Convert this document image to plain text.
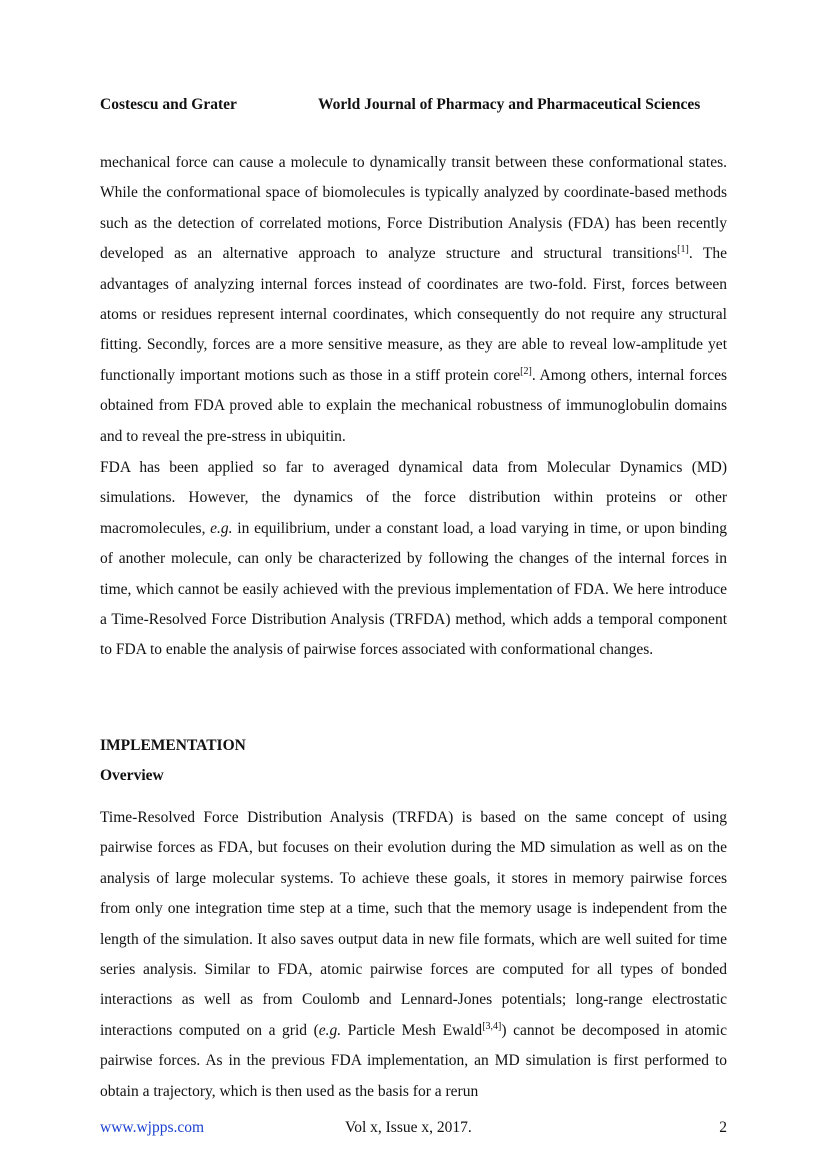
Costescu and Grater	World Journal of Pharmacy and Pharmaceutical Sciences

mechanical force can cause a molecule to dynamically transit between these conformational states. While the conformational space of biomolecules is typically analyzed by coordinate-based methods such as the detection of correlated motions, Force Distribution Analysis (FDA) has been recently developed as an alternative approach to analyze structure and structural transitions[1]. The advantages of analyzing internal forces instead of coordinates are two-fold. First, forces between atoms or residues represent internal coordinates, which consequently do not require any structural fitting. Secondly, forces are a more sensitive measure, as they are able to reveal low-amplitude yet functionally important motions such as those in a stiff protein core[2]. Among others, internal forces obtained from FDA proved able to explain the mechanical robustness of immunoglobulin domains and to reveal the pre-stress in ubiquitin.

FDA has been applied so far to averaged dynamical data from Molecular Dynamics (MD) simulations. However, the dynamics of the force distribution within proteins or other macromolecules, e.g. in equilibrium, under a constant load, a load varying in time, or upon binding of another molecule, can only be characterized by following the changes of the internal forces in time, which cannot be easily achieved with the previous implementation of FDA. We here introduce a Time-Resolved Force Distribution Analysis (TRFDA) method, which adds a temporal component to FDA to enable the analysis of pairwise forces associated with conformational changes.

IMPLEMENTATION
Overview

Time-Resolved Force Distribution Analysis (TRFDA) is based on the same concept of using pairwise forces as FDA, but focuses on their evolution during the MD simulation as well as on the analysis of large molecular systems. To achieve these goals, it stores in memory pairwise forces from only one integration time step at a time, such that the memory usage is independent from the length of the simulation. It also saves output data in new file formats, which are well suited for time series analysis. Similar to FDA, atomic pairwise forces are computed for all types of bonded interactions as well as from Coulomb and Lennard-Jones potentials; long-range electrostatic interactions computed on a grid (e.g. Particle Mesh Ewald[3,4]) cannot be decomposed in atomic pairwise forces. As in the previous FDA implementation, an MD simulation is first performed to obtain a trajectory, which is then used as the basis for a rerun

www.wjpps.com	Vol x, Issue x, 2017.	2
